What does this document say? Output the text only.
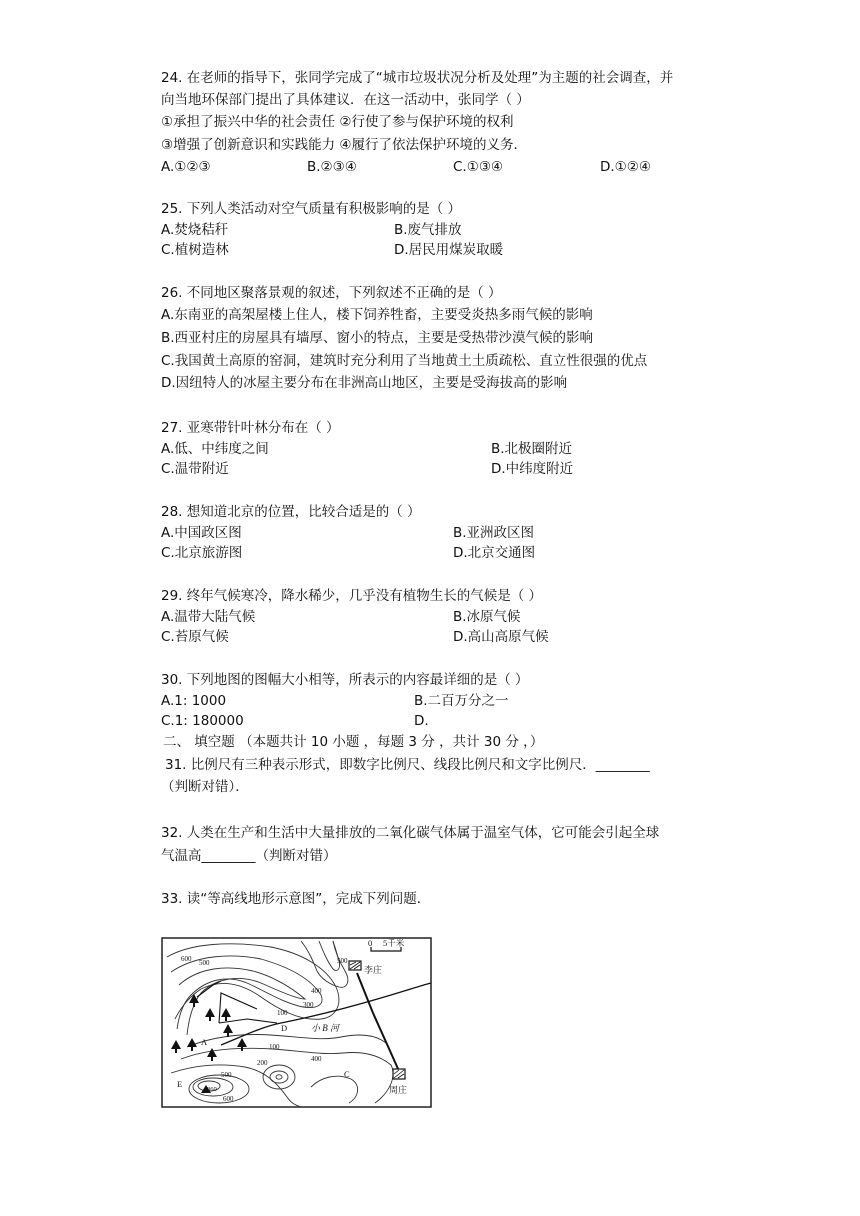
24. 在老师的指导下，张同学完成了“城市垃圾状况分析及处理”为主题的社会调查，并
向当地环保部门提出了具体建议．在这一活动中，张同学（ ）
①承担了振兴中华的社会责任 ②行使了参与保护环境的权利
③增强了创新意识和实践能力 ④履行了依法保护环境的义务．
A.①②③	B.②③④	C.①③④	D.①②④
25. 下列人类活动对空气质量有积极影响的是（ ）
A.焚烧秸秆	B.废气排放
C.植树造林	D.居民用煤炭取暖
26. 不同地区聚落景观的叙述，下列叙述不正确的是（ ）
A.东南亚的高架屋楼上住人，楼下饲养牲畜，主要受炎热多雨气候的影响
B.西亚村庄的房屋具有墙厚、窗小的特点，主要是受热带沙漠气候的影响
C.我国黄土高原的窑洞，建筑时充分利用了当地黄土土质疏松、直立性很强的优点
D.因纽特人的冰屋主要分布在非洲高山地区，主要是受海拔高的影响
27. 亚寒带针叶林分布在（ ）
A.低、中纬度之间	B.北极圈附近
C.温带附近	D.中纬度附近
28. 想知道北京的位置，比较合适是的（ ）
A.中国政区图	B.亚洲政区图
C.北京旅游图	D.北京交通图
29. 终年气候寒冷，降水稀少，几乎没有植物生长的气候是（ ）
A.温带大陆气候	B.冰原气候
C.苔原气候	D.高山高原气候
30. 下列地图的图幅大小相等，所表示的内容最详细的是（ ）
A.1: 1000	B.二百万分之一
C.1: 180000	D.
二、 填空题 （本题共计 10 小题 ，每题 3 分 ，共计 30 分 ，）
31. 比例尺有三种表示形式，即数字比例尺、线段比例尺和文字比例尺．________
（判断对错）．
32. 人类在生产和生活中大量排放的二氧化碳气体属于温室气体，它可能会引起全球
气温高________（判断对错）
33. 读“等高线地形示意图”，完成下列问题．
0 5千米
李庄
周庄
小 B 河
A
C
D
E
600 500	500
400
300
100
100
200	400
500
600
860
